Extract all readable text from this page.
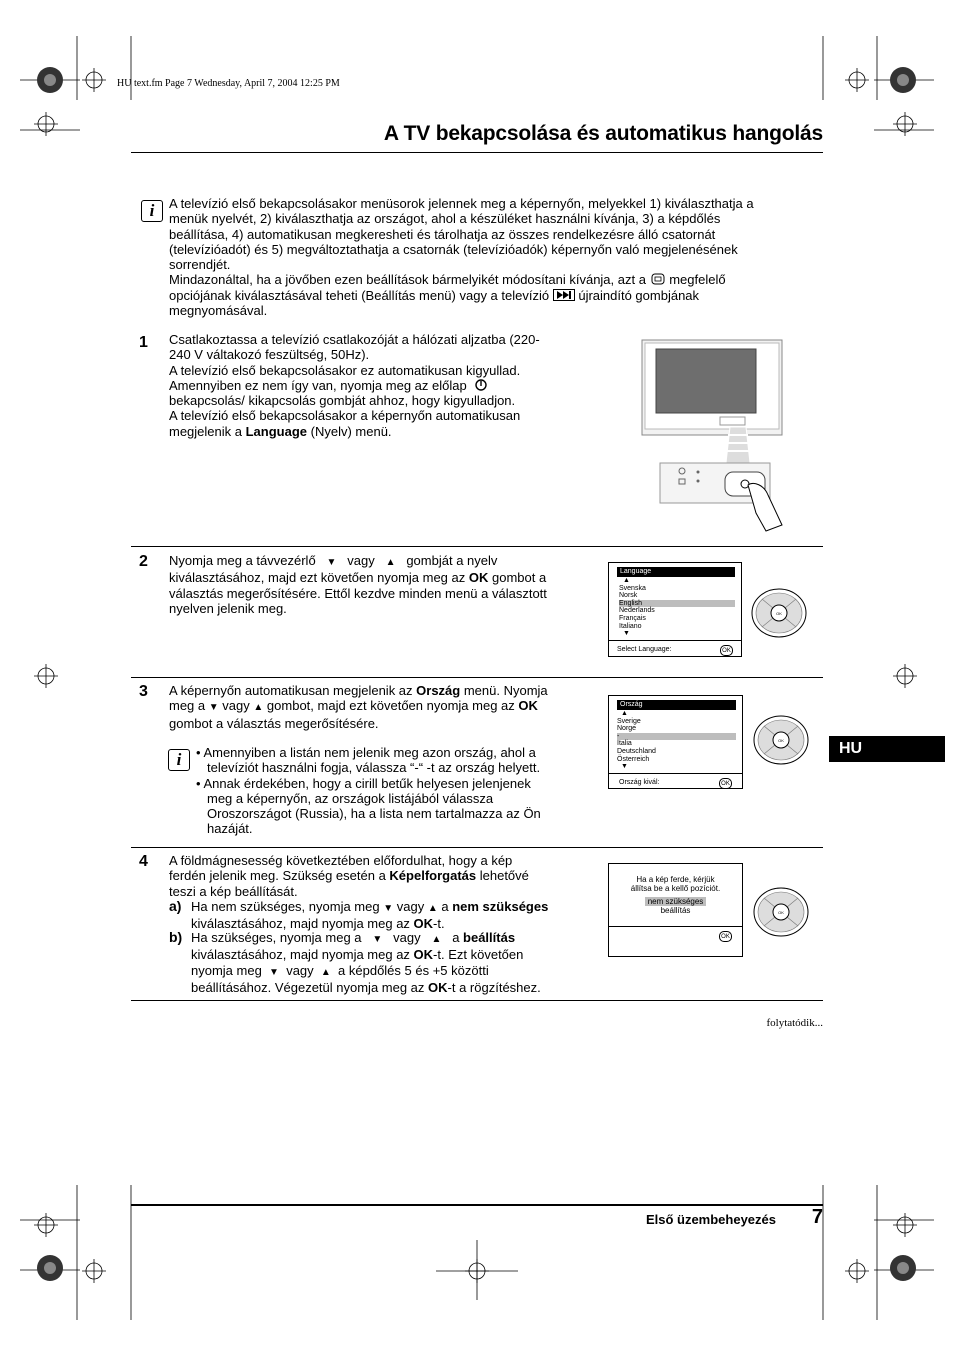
HU text.fm Page 7 Wednesday, April 7, 2004 12:25 PM
A TV bekapcsolása és automatikus hangolás
i	A televízió első bekapcsolásakor menüsorok jelennek meg a képernyőn, melyekkel 1) kiválaszthatja a
menük nyelvét, 2) kiválaszthatja az országot, ahol a készüléket használni kívánja, 3) a képdőlés
beállítása, 4) automatikusan megkeresheti és tárolhatja az összes rendelkezésre álló csatornát
(televízióadót) és 5) megváltoztathatja a csatornák (televízióadók) képernyőn való megjelenésének
sorrendjét.
Mindazonáltal, ha a jövőben ezen beállítások bármelyikét módosítani kívánja, azt a megfelelő
opciójának kiválasztásával teheti (Beállítás menü) vagy a televízió újraindító gombjának
megnyomásával.
1 Csatlakoztassa a televízió csatlakozóját a hálózati aljzatba (220-
240 V váltakozó feszültség, 50Hz).
A televízió első bekapcsolásakor ez automatikusan kigyullad.
Amennyiben ez nem így van, nyomja meg az előlap
bekapcsolás/ kikapcsolás gombját ahhoz, hogy kigyulladjon.
A televízió első bekapcsolásakor a képernyőn automatikusan
megjelenik a Language (Nyelv) menü.
2 Nyomja meg a távvezérlő ▼ vagy ▲ gombját a nyelv
kiválasztásához, majd ezt követően nyomja meg az OK gombot a
választás megerősítésére. Ettől kezdve minden menü a választott
nyelven jelenik meg.
Language
▲
Svenska
Norsk
English
Nederlands
Français
Italiano
▼
Select Language:	OK
OK
3 A képernyőn automatikusan megjelenik az Ország menü. Nyomja
meg a ▼ vagy ▲ gombot, majd ezt követően nyomja meg az OK
gombot a választás megerősítésére.
i	• Amennyiben a listán nem jelenik meg azon ország, ahol a
televíziót használni fogja, válassza “-“ -t az ország helyett.
• Annak érdekében, hogy a cirill betűk helyesen jelenjenek
meg a képernyőn, az országok listájából válassza
Oroszországot (Russia), ha a lista nem tartalmazza az Ön
hazáját.
Ország
▲
Sverige
Norge
-
Italia
Deutschland
Österreich
▼
Ország kivál:	OK
OK	HU
4 A földmágnesesség következtében előfordulhat, hogy a kép
ferdén jelenik meg. Szükség esetén a Képelforgatás lehetővé
teszi a kép beállítását.
a) Ha nem szükséges, nyomja meg ▼ vagy ▲ a nem szükséges
kiválasztásához, majd nyomja meg az OK-t.
b) Ha szükséges, nyomja meg a ▼ vagy ▲ a beállítás
kiválasztásához, majd nyomja meg az OK-t. Ezt követően
nyomja meg ▼ vagy ▲ a képdőlés 5 és +5 közötti
beállításához. Végezetül nyomja meg az OK-t a rögzítéshez.
Ha a kép ferde, kérjük
állítsa be a kellő pozíciót.
nem szükséges
beállítás
OK
OK
folytatódik...
Első üzembeheyezés 7
